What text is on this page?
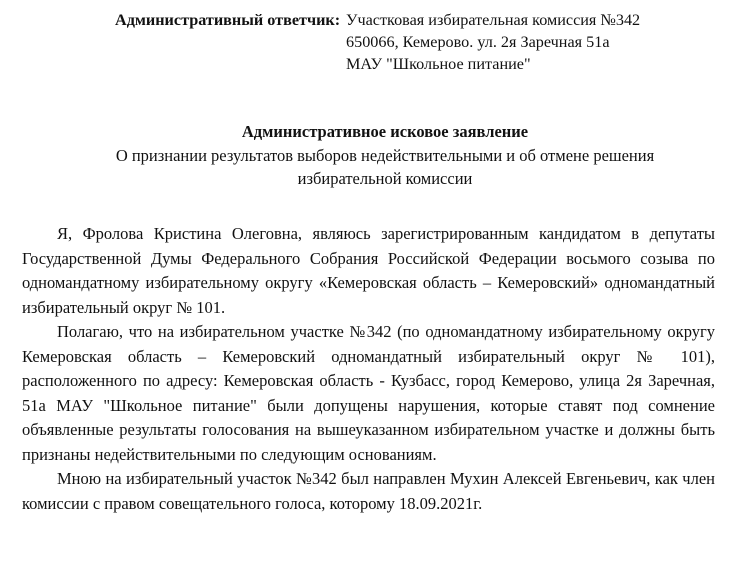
Административный ответчик: Участковая избирательная комиссия №342
650066, Кемерово. ул. 2я Заречная 51а
МАУ "Школьное питание"
Административное исковое заявление
О признании результатов выборов недействительными и об отмене решения
избирательной комиссии

Я, Фролова Кристина Олеговна, являюсь зарегистрированным кандидатом в депутаты Государственной Думы Федерального Собрания Российской Федерации восьмого созыва по одномандатному избирательному округу «Кемеровская область – Кемеровский» одномандатный избирательный округ № 101.

Полагаю, что на избирательном участке №342 (по одномандатному избирательному округу Кемеровская область – Кемеровский одномандатный избирательный округ № 101), расположенного по адресу: Кемеровская область - Кузбасс, город Кемерово, улица 2я Заречная, 51а МАУ "Школьное питание" были допущены нарушения, которые ставят под сомнение объявленные результаты голосования на вышеуказанном избирательном участке и должны быть признаны недействительными по следующим основаниям.

Мною на избирательный участок №342 был направлен Мухин Алексей Евгеньевич, как член комиссии с правом совещательного голоса, которому 18.09.2021г.
